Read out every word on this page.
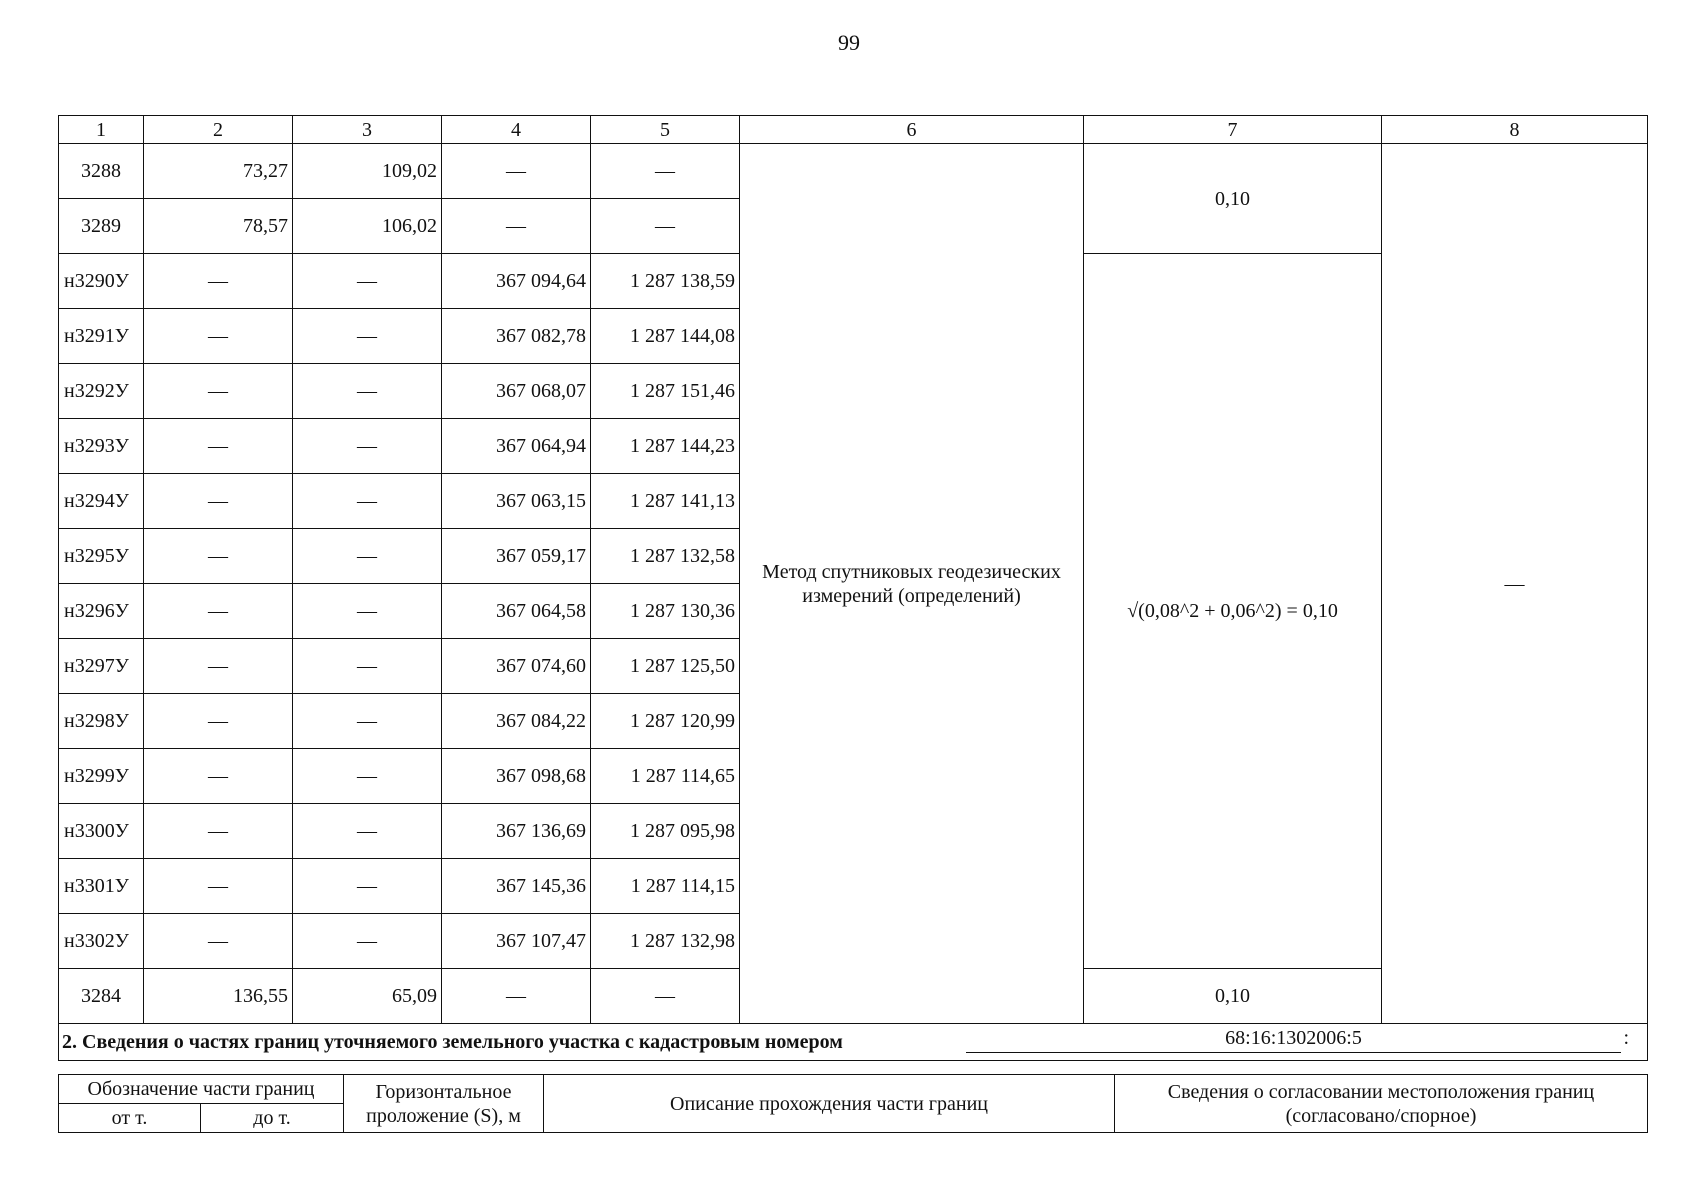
99
1	2	3	4	5	6	7	8
3288	73,27	109,02	—	—	Метод спутниковых геодезических измерений (определений)	0,10	—
3289	78,57	106,02	—	—			
н3290У	—	—	367 094,64	1 287 138,59		√(0,08^2 + 0,06^2) = 0,10	
н3291У	—	—	367 082,78	1 287 144,08			
н3292У	—	—	367 068,07	1 287 151,46			
н3293У	—	—	367 064,94	1 287 144,23			
н3294У	—	—	367 063,15	1 287 141,13			
н3295У	—	—	367 059,17	1 287 132,58			
н3296У	—	—	367 064,58	1 287 130,36			
н3297У	—	—	367 074,60	1 287 125,50			
н3298У	—	—	367 084,22	1 287 120,99			
н3299У	—	—	367 098,68	1 287 114,65			
н3300У	—	—	367 136,69	1 287 095,98			
н3301У	—	—	367 145,36	1 287 114,15			
н3302У	—	—	367 107,47	1 287 132,98			
3284	136,55	65,09	—	—		0,10	
2. Сведения о частях границ уточняемого земельного участка с кадастровым номером 68:16:1302006:5 :							
Обозначение части границ		Горизонтальное проложение (S), м	Описание прохождения части границ	Сведения о согласовании местоположения границ (согласовано/спорное)
от т.	до т.			
